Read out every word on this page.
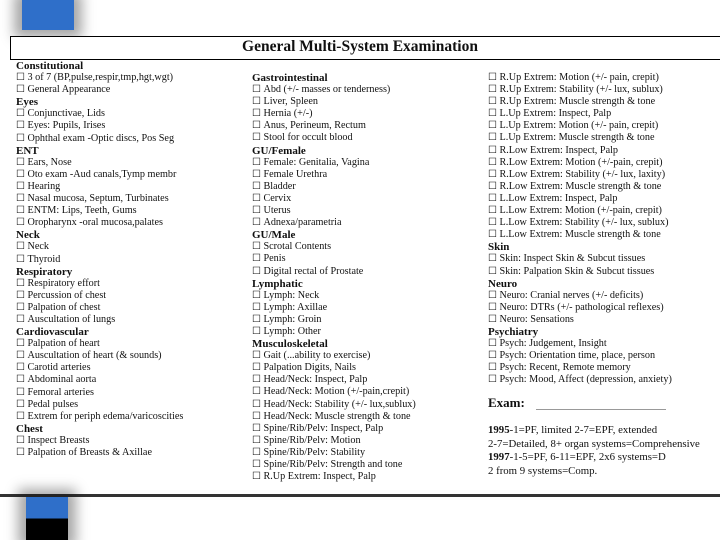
General Multi-System Examination
Constitutional
☐ 3 of 7 (BP,pulse,respir,tmp,hgt,wgt)
☐ General Appearance
Eyes
☐ Conjunctivae, Lids
☐ Eyes: Pupils, Irises
☐ Ophthal exam -Optic discs, Pos Seg
ENT
☐ Ears, Nose
☐ Oto exam -Aud canals,Tymp membr
☐ Hearing
☐ Nasal mucosa, Septum, Turbinates
☐ ENTM: Lips, Teeth, Gums
☐ Oropharynx -oral mucosa,palates
Neck
☐ Neck
☐ Thyroid
Respiratory
☐ Respiratory effort
☐ Percussion of chest
☐ Palpation of chest
☐ Auscultation of lungs
Cardiovascular
☐ Palpation of heart
☐ Auscultation of heart (& sounds)
☐ Carotid arteries
☐ Abdominal aorta
☐ Femoral arteries
☐ Pedal pulses
☐ Extrem for periph edema/varicoscities
Chest
☐ Inspect Breasts
☐ Palpation of Breasts & Axillae
Gastrointestinal
☐ Abd (+/- masses or tenderness)
☐ Liver, Spleen
☐ Hernia (+/-)
☐ Anus, Perineum, Rectum
☐ Stool for occult blood
GU/Female
☐ Female: Genitalia, Vagina
☐ Female Urethra
☐ Bladder
☐ Cervix
☐ Uterus
☐ Adnexa/parametria
GU/Male
☐ Scrotal Contents
☐ Penis
☐ Digital rectal of Prostate
Lymphatic
☐ Lymph: Neck
☐ Lymph: Axillae
☐ Lymph: Groin
☐ Lymph: Other
Musculoskeletal
☐ Gait (...ability to exercise)
☐ Palpation Digits, Nails
☐ Head/Neck: Inspect, Palp
☐ Head/Neck: Motion (+/-pain,crepit)
☐ Head/Neck: Stability (+/- lux,sublux)
☐ Head/Neck: Muscle strength & tone
☐ Spine/Rib/Pelv: Inspect, Palp
☐ Spine/Rib/Pelv: Motion
☐ Spine/Rib/Pelv: Stability
☐ Spine/Rib/Pelv: Strength and tone
☐ R.Up Extrem: Inspect, Palp
☐ R.Up Extrem: Motion (+/- pain, crepit)
☐ R.Up Extrem: Stability (+/- lux, sublux)
☐ R.Up Extrem: Muscle strength & tone
☐ L.Up Extrem: Inspect, Palp
☐ L.Up Extrem: Motion (+/- pain, crepit)
☐ L.Up Extrem: Muscle strength & tone
☐ R.Low Extrem: Inspect, Palp
☐ R.Low Extrem: Motion (+/-pain, crepit)
☐ R.Low Extrem: Stability (+/- lux, laxity)
☐ R.Low Extrem: Muscle strength & tone
☐ L.Low Extrem: Inspect, Palp
☐ L.Low Extrem: Motion (+/-pain, crepit)
☐ L.Low Extrem: Stability (+/- lux, sublux)
☐ L.Low Extrem: Muscle strength & tone
Skin
☐ Skin: Inspect Skin & Subcut tissues
☐ Skin: Palpation Skin & Subcut tissues
Neuro
☐ Neuro: Cranial nerves (+/- deficits)
☐ Neuro: DTRs (+/- pathological reflexes)
☐ Neuro: Sensations
Psychiatry
☐ Psych: Judgement, Insight
☐ Psych: Orientation time, place, person
☐ Psych: Recent, Remote memory
☐ Psych: Mood, Affect (depression, anxiety)
Exam:
1995-1=PF, limited 2-7=EPF, extended
2-7=Detailed, 8+ organ systems=Comprehensive
1997-1-5=PF, 6-11=EPF, 2x6 systems=D
2 from 9 systems=Comp.
